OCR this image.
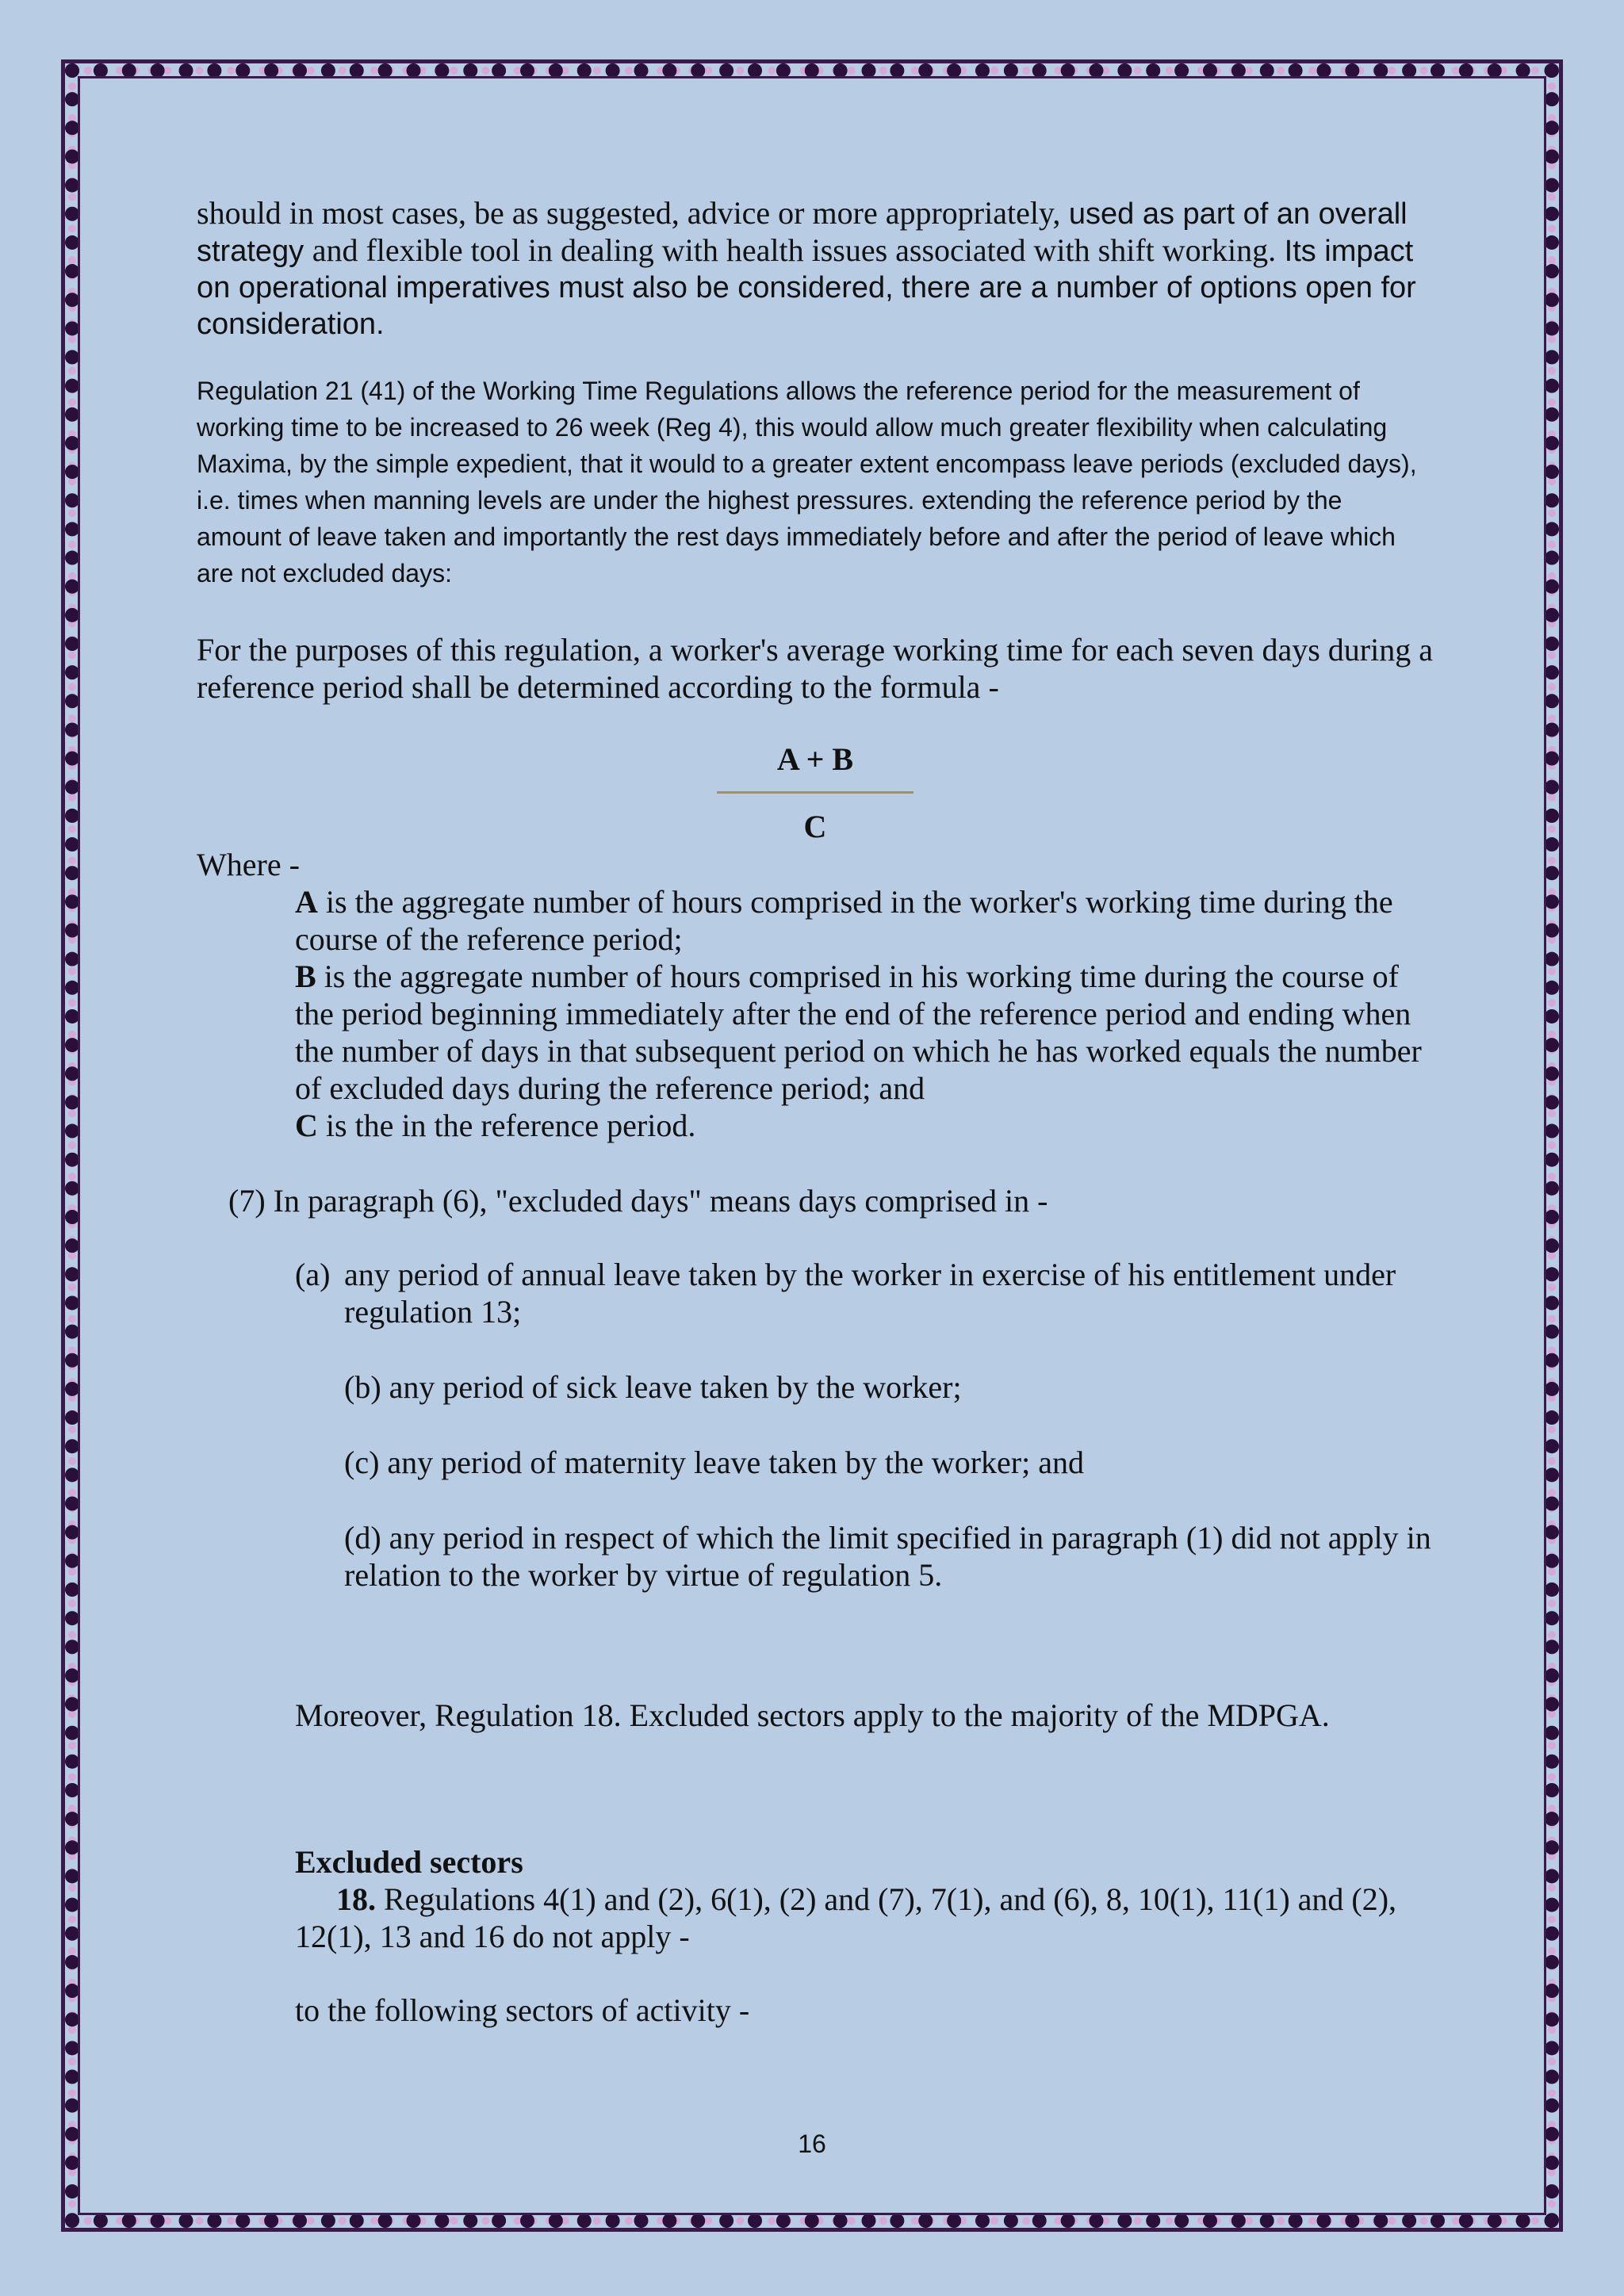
should in most cases, be as suggested, advice or more appropriately, used as part of an overall strategy and flexible tool in dealing with health issues associated with shift working. Its impact on operational imperatives must also be considered, there are a number of options open for consideration.

Regulation 21 (41) of the Working Time Regulations allows the reference period for the measurement of working time to be increased to 26 week (Reg 4), this would allow much greater flexibility when calculating Maxima, by the simple expedient, that it would to a greater extent encompass leave periods (excluded days), i.e. times when manning levels are under the highest pressures. extending the reference period by the amount of leave taken and importantly the rest days immediately before and after the period of leave which are not excluded days:

For the purposes of this regulation, a worker's average working time for each seven days during a reference period shall be determined according to the formula -

A + B
C

Where -

A is the aggregate number of hours comprised in the worker's working time during the course of the reference period;

B is the aggregate number of hours comprised in his working time during the course of the period beginning immediately after the end of the reference period and ending when the number of days in that subsequent period on which he has worked equals the number of excluded days during the reference period; and

C is the in the reference period.

(7) In paragraph (6), "excluded days" means days comprised in -

(a) any period of annual leave taken by the worker in exercise of his entitlement under regulation 13;

(b) any period of sick leave taken by the worker;

(c) any period of maternity leave taken by the worker; and

(d) any period in respect of which the limit specified in paragraph (1) did not apply in relation to the worker by virtue of regulation 5.

Moreover, Regulation 18. Excluded sectors apply to the majority of the MDPGA.

Excluded sectors

18. Regulations 4(1) and (2), 6(1), (2) and (7), 7(1), and (6), 8, 10(1), 11(1) and (2), 12(1), 13 and 16 do not apply -

to the following sectors of activity -

16
